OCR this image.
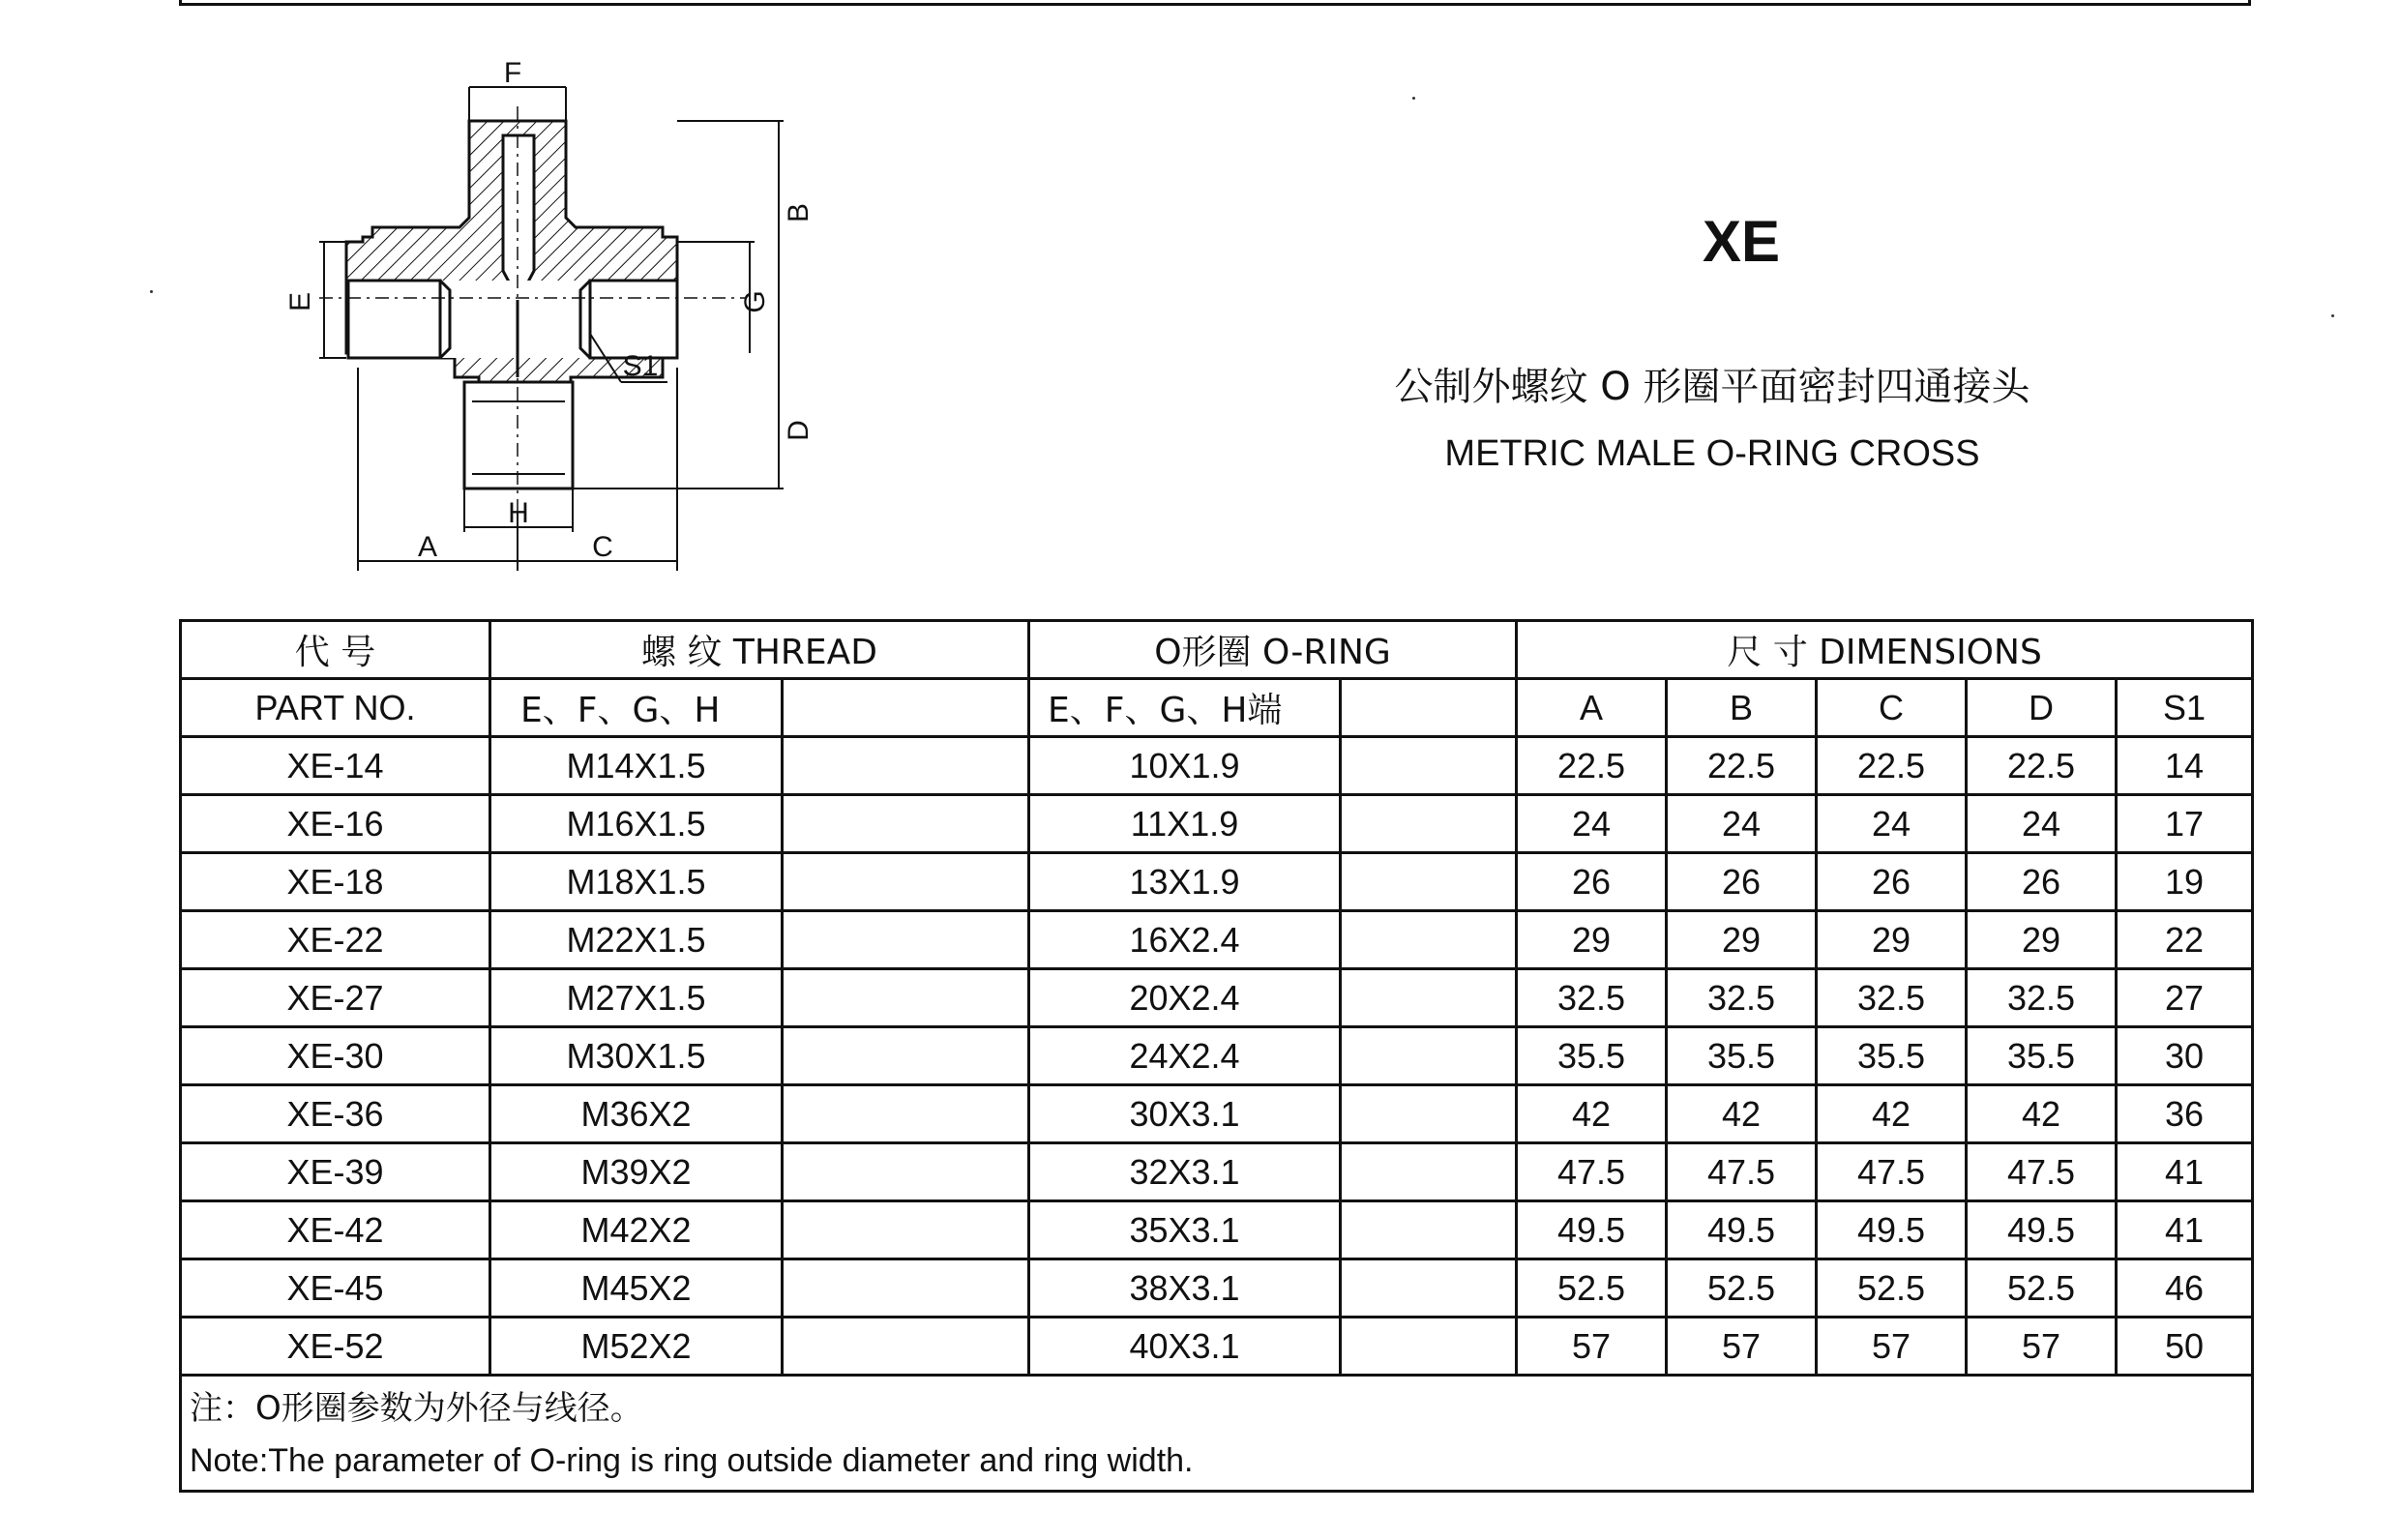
F
B
G
E
D
S1
H
A	C
XE
公制外螺纹 O 形圈平面密封四通接头
METRIC MALE O-RING CROSS
代 号	螺 纹 THREAD		O形圈 O-RING		尺 寸 DIMENSIONS				
PART NO.	E、F、G、H		E、F、G、H端		A	B	C	D	S1
XE-14	M14X1.5		10X1.9		22.5	22.5	22.5	22.5	14
XE-16	M16X1.5		11X1.9		24	24	24	24	17
XE-18	M18X1.5		13X1.9		26	26	26	26	19
XE-22	M22X1.5		16X2.4		29	29	29	29	22
XE-27	M27X1.5		20X2.4		32.5	32.5	32.5	32.5	27
XE-30	M30X1.5		24X2.4		35.5	35.5	35.5	35.5	30
XE-36	M36X2		30X3.1		42	42	42	42	36
XE-39	M39X2		32X3.1		47.5	47.5	47.5	47.5	41
XE-42	M42X2		35X3.1		49.5	49.5	49.5	49.5	41
XE-45	M45X2		38X3.1		52.5	52.5	52.5	52.5	46
XE-52	M52X2		40X3.1		57	57	57	57	50
注：O形圈参数为外径与线径。									
Note:The parameter of O-ring is ring outside diameter and ring width.									
